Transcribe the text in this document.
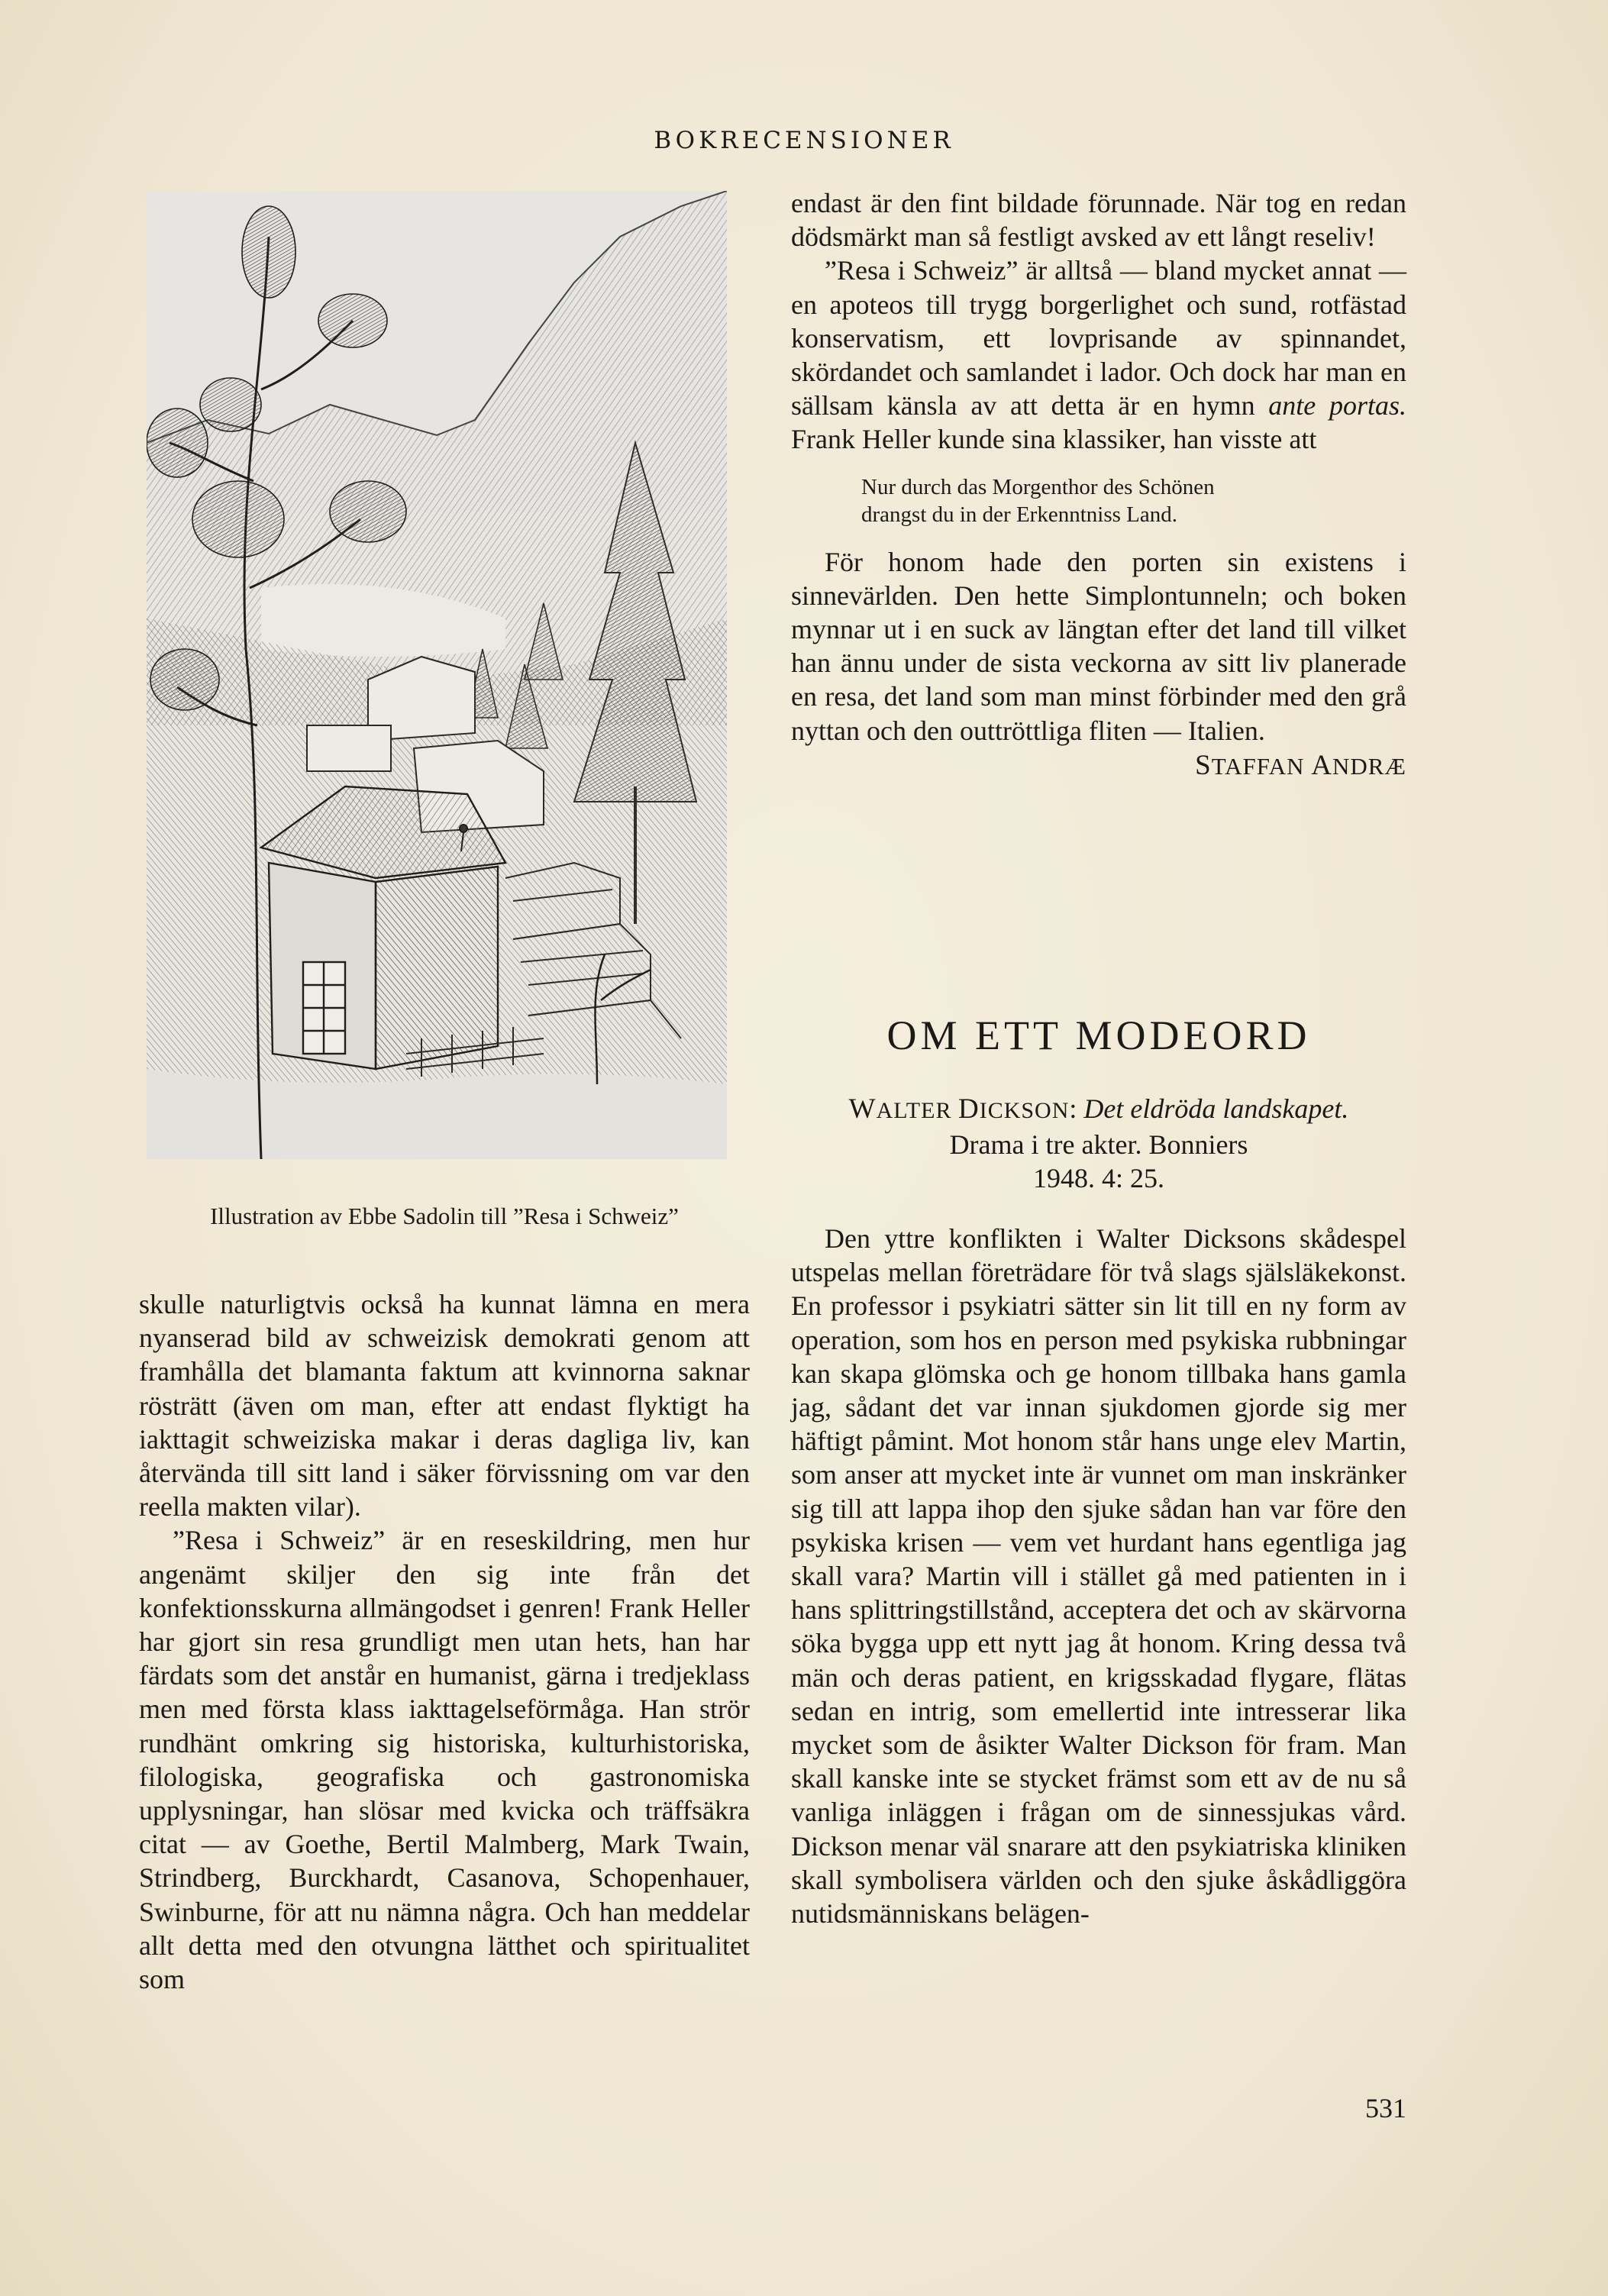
BOKRECENSIONER
Illustration av Ebbe Sadolin till ”Resa i Schweiz”

skulle naturligtvis också ha kunnat lämna en mera nyanserad bild av schweizisk demokrati genom att framhålla det blamanta faktum att kvinnorna saknar rösträtt (även om man, efter att endast flyktigt ha iakttagit schweiziska makar i deras dagliga liv, kan återvända till sitt land i säker förvissning om var den reella makten vilar).

”Resa i Schweiz” är en reseskildring, men hur angenämt skiljer den sig inte från det konfektionsskurna allmängodset i genren! Frank Heller har gjort sin resa grundligt men utan hets, han har färdats som det anstår en humanist, gärna i tredjeklass men med första klass iakttagelseförmåga. Han strör rundhänt omkring sig historiska, kulturhistoriska, filologiska, geografiska och gastronomiska upplysningar, han slösar med kvicka och träffsäkra citat — av Goethe, Bertil Malmberg, Mark Twain, Strindberg, Burckhardt, Casanova, Schopenhauer, Swinburne, för att nu nämna några. Och han meddelar allt detta med den otvungna lätthet och spiritualitet som

endast är den fint bildade förunnade. När tog en redan dödsmärkt man så festligt avsked av ett långt reseliv!

”Resa i Schweiz” är alltså — bland mycket annat — en apoteos till trygg borgerlighet och sund, rotfästad konservatism, ett lovprisande av spinnandet, skördandet och samlandet i lador. Och dock har man en sällsam känsla av att detta är en hymn ante portas. Frank Heller kunde sina klassiker, han visste att

Nur durch das Morgenthor des Schönen
drangst du in der Erkenntniss Land.

För honom hade den porten sin existens i sinnevärlden. Den hette Simplontunneln; och boken mynnar ut i en suck av längtan efter det land till vilket han ännu under de sista veckorna av sitt liv planerade en resa, det land som man minst förbinder med den grå nyttan och den outtröttliga fliten — Italien.

STAFFAN ANDRÆ
OM ETT MODEORD
WALTER DICKSON: Det eldröda landskapet.
Drama i tre akter. Bonniers
1948. 4: 25.

Den yttre konflikten i Walter Dicksons skådespel utspelas mellan företrädare för två slags själsläkekonst. En professor i psykiatri sätter sin lit till en ny form av operation, som hos en person med psykiska rubbningar kan skapa glömska och ge honom tillbaka hans gamla jag, sådant det var innan sjukdomen gjorde sig mer häftigt påmint. Mot honom står hans unge elev Martin, som anser att mycket inte är vunnet om man inskränker sig till att lappa ihop den sjuke sådan han var före den psykiska krisen — vem vet hurdant hans egentliga jag skall vara? Martin vill i stället gå med patienten in i hans splittringstillstånd, acceptera det och av skärvorna söka bygga upp ett nytt jag åt honom. Kring dessa två män och deras patient, en krigsskadad flygare, flätas sedan en intrig, som emellertid inte intresserar lika mycket som de åsikter Walter Dickson för fram. Man skall kanske inte se stycket främst som ett av de nu så vanliga inläggen i frågan om de sinnessjukas vård. Dickson menar väl snarare att den psykiatriska kliniken skall symbolisera världen och den sjuke åskådliggöra nutidsmänniskans belägen-

531
